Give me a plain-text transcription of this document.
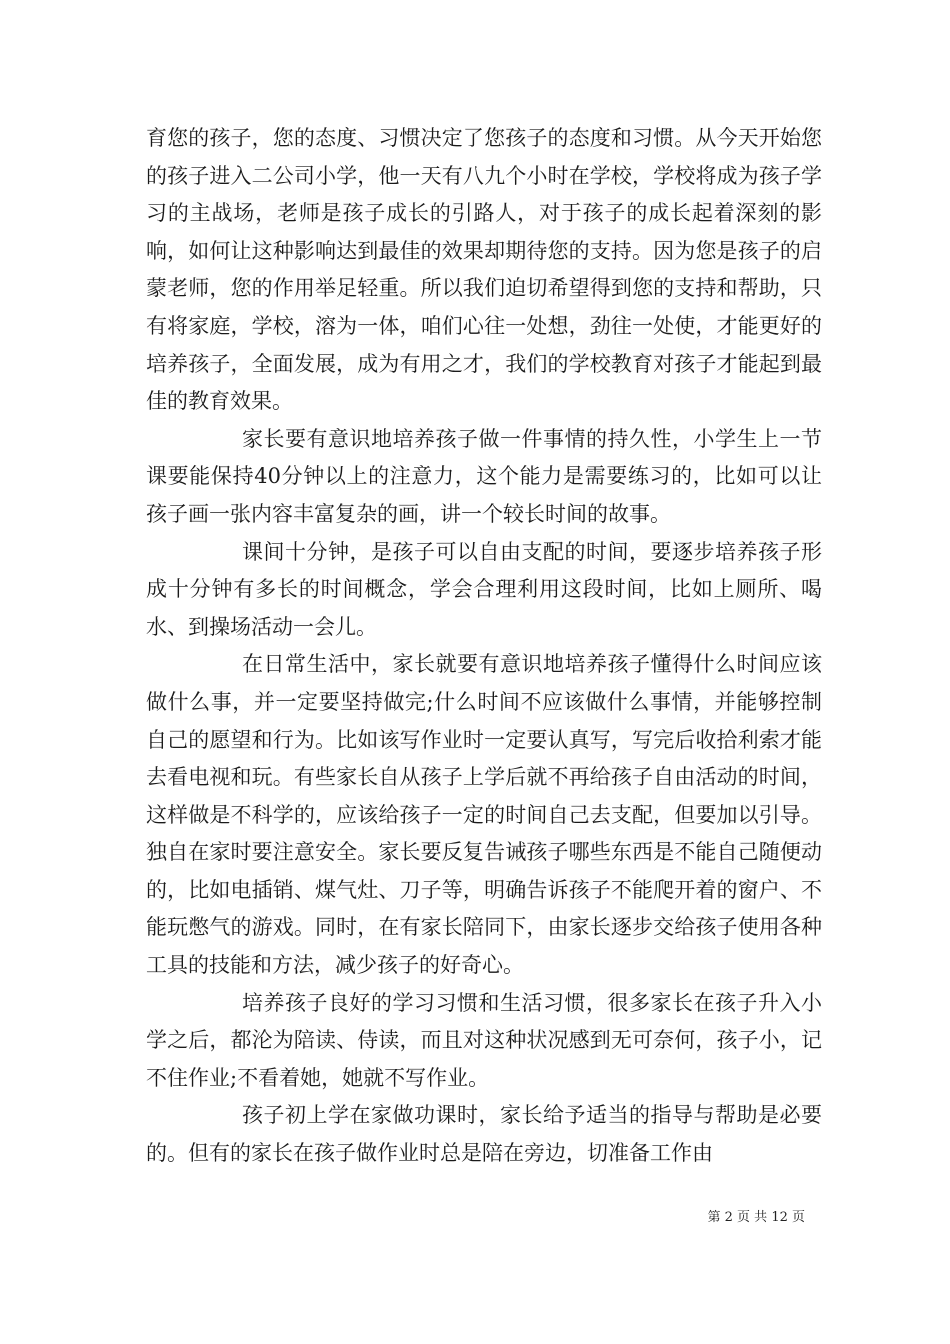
育您的孩子，您的态度、习惯决定了您孩子的态度和习惯。从今天开始您的孩子进入二公司小学，他一天有八九个小时在学校，学校将成为孩子学习的主战场，老师是孩子成长的引路人，对于孩子的成长起着深刻的影响，如何让这种影响达到最佳的效果却期待您的支持。因为您是孩子的启蒙老师，您的作用举足轻重。所以我们迫切希望得到您的支持和帮助，只有将家庭，学校，溶为一体，咱们心往一处想，劲往一处使，才能更好的培养孩子，全面发展，成为有用之才，我们的学校教育对孩子才能起到最佳的教育效果。

家长要有意识地培养孩子做一件事情的持久性，小学生上一节课要能保持40分钟以上的注意力，这个能力是需要练习的，比如可以让孩子画一张内容丰富复杂的画，讲一个较长时间的故事。

课间十分钟，是孩子可以自由支配的时间，要逐步培养孩子形成十分钟有多长的时间概念，学会合理利用这段时间，比如上厕所、喝水、到操场活动一会儿。

在日常生活中，家长就要有意识地培养孩子懂得什么时间应该做什么事，并一定要坚持做完;什么时间不应该做什么事情，并能够控制自己的愿望和行为。比如该写作业时一定要认真写，写完后收拾利索才能去看电视和玩。有些家长自从孩子上学后就不再给孩子自由活动的时间，这样做是不科学的，应该给孩子一定的时间自己去支配，但要加以引导。独自在家时要注意安全。家长要反复告诫孩子哪些东西是不能自己随便动的，比如电插销、煤气灶、刀子等，明确告诉孩子不能爬开着的窗户、不能玩憋气的游戏。同时，在有家长陪同下，由家长逐步交给孩子使用各种工具的技能和方法，减少孩子的好奇心。

培养孩子良好的学习习惯和生活习惯，很多家长在孩子升入小学之后，都沦为陪读、侍读，而且对这种状况感到无可奈何，孩子小，记不住作业;不看着她，她就不写作业。

孩子初上学在家做功课时，家长给予适当的指导与帮助是必要的。但有的家长在孩子做作业时总是陪在旁边，切准备工作由

第 2 页 共 12 页
